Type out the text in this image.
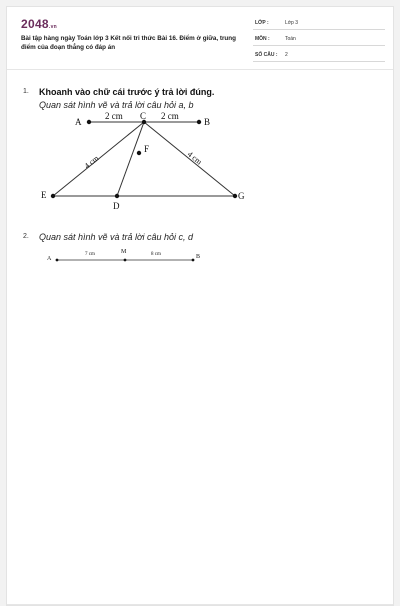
2048.vn
Bài tập hàng ngày Toán lớp 3 Kết nối tri thức Bài 16. Điểm ở giữa, trung điểm của đoạn thẳng có đáp án
LỚP :	Lớp 3
MÔN :	Toán
SỐ CÂU : 2
1. Khoanh vào chữ cái trước ý trả lời đúng.
Quan sát hình vẽ và trả lời câu hỏi a, b
A
C
B
F
E
D
G
2 cm	2 cm
4 cm	4 cm
2. Quan sát hình vẽ và trả lời câu hỏi c, d
A
M
B
7 cm	8 cm
